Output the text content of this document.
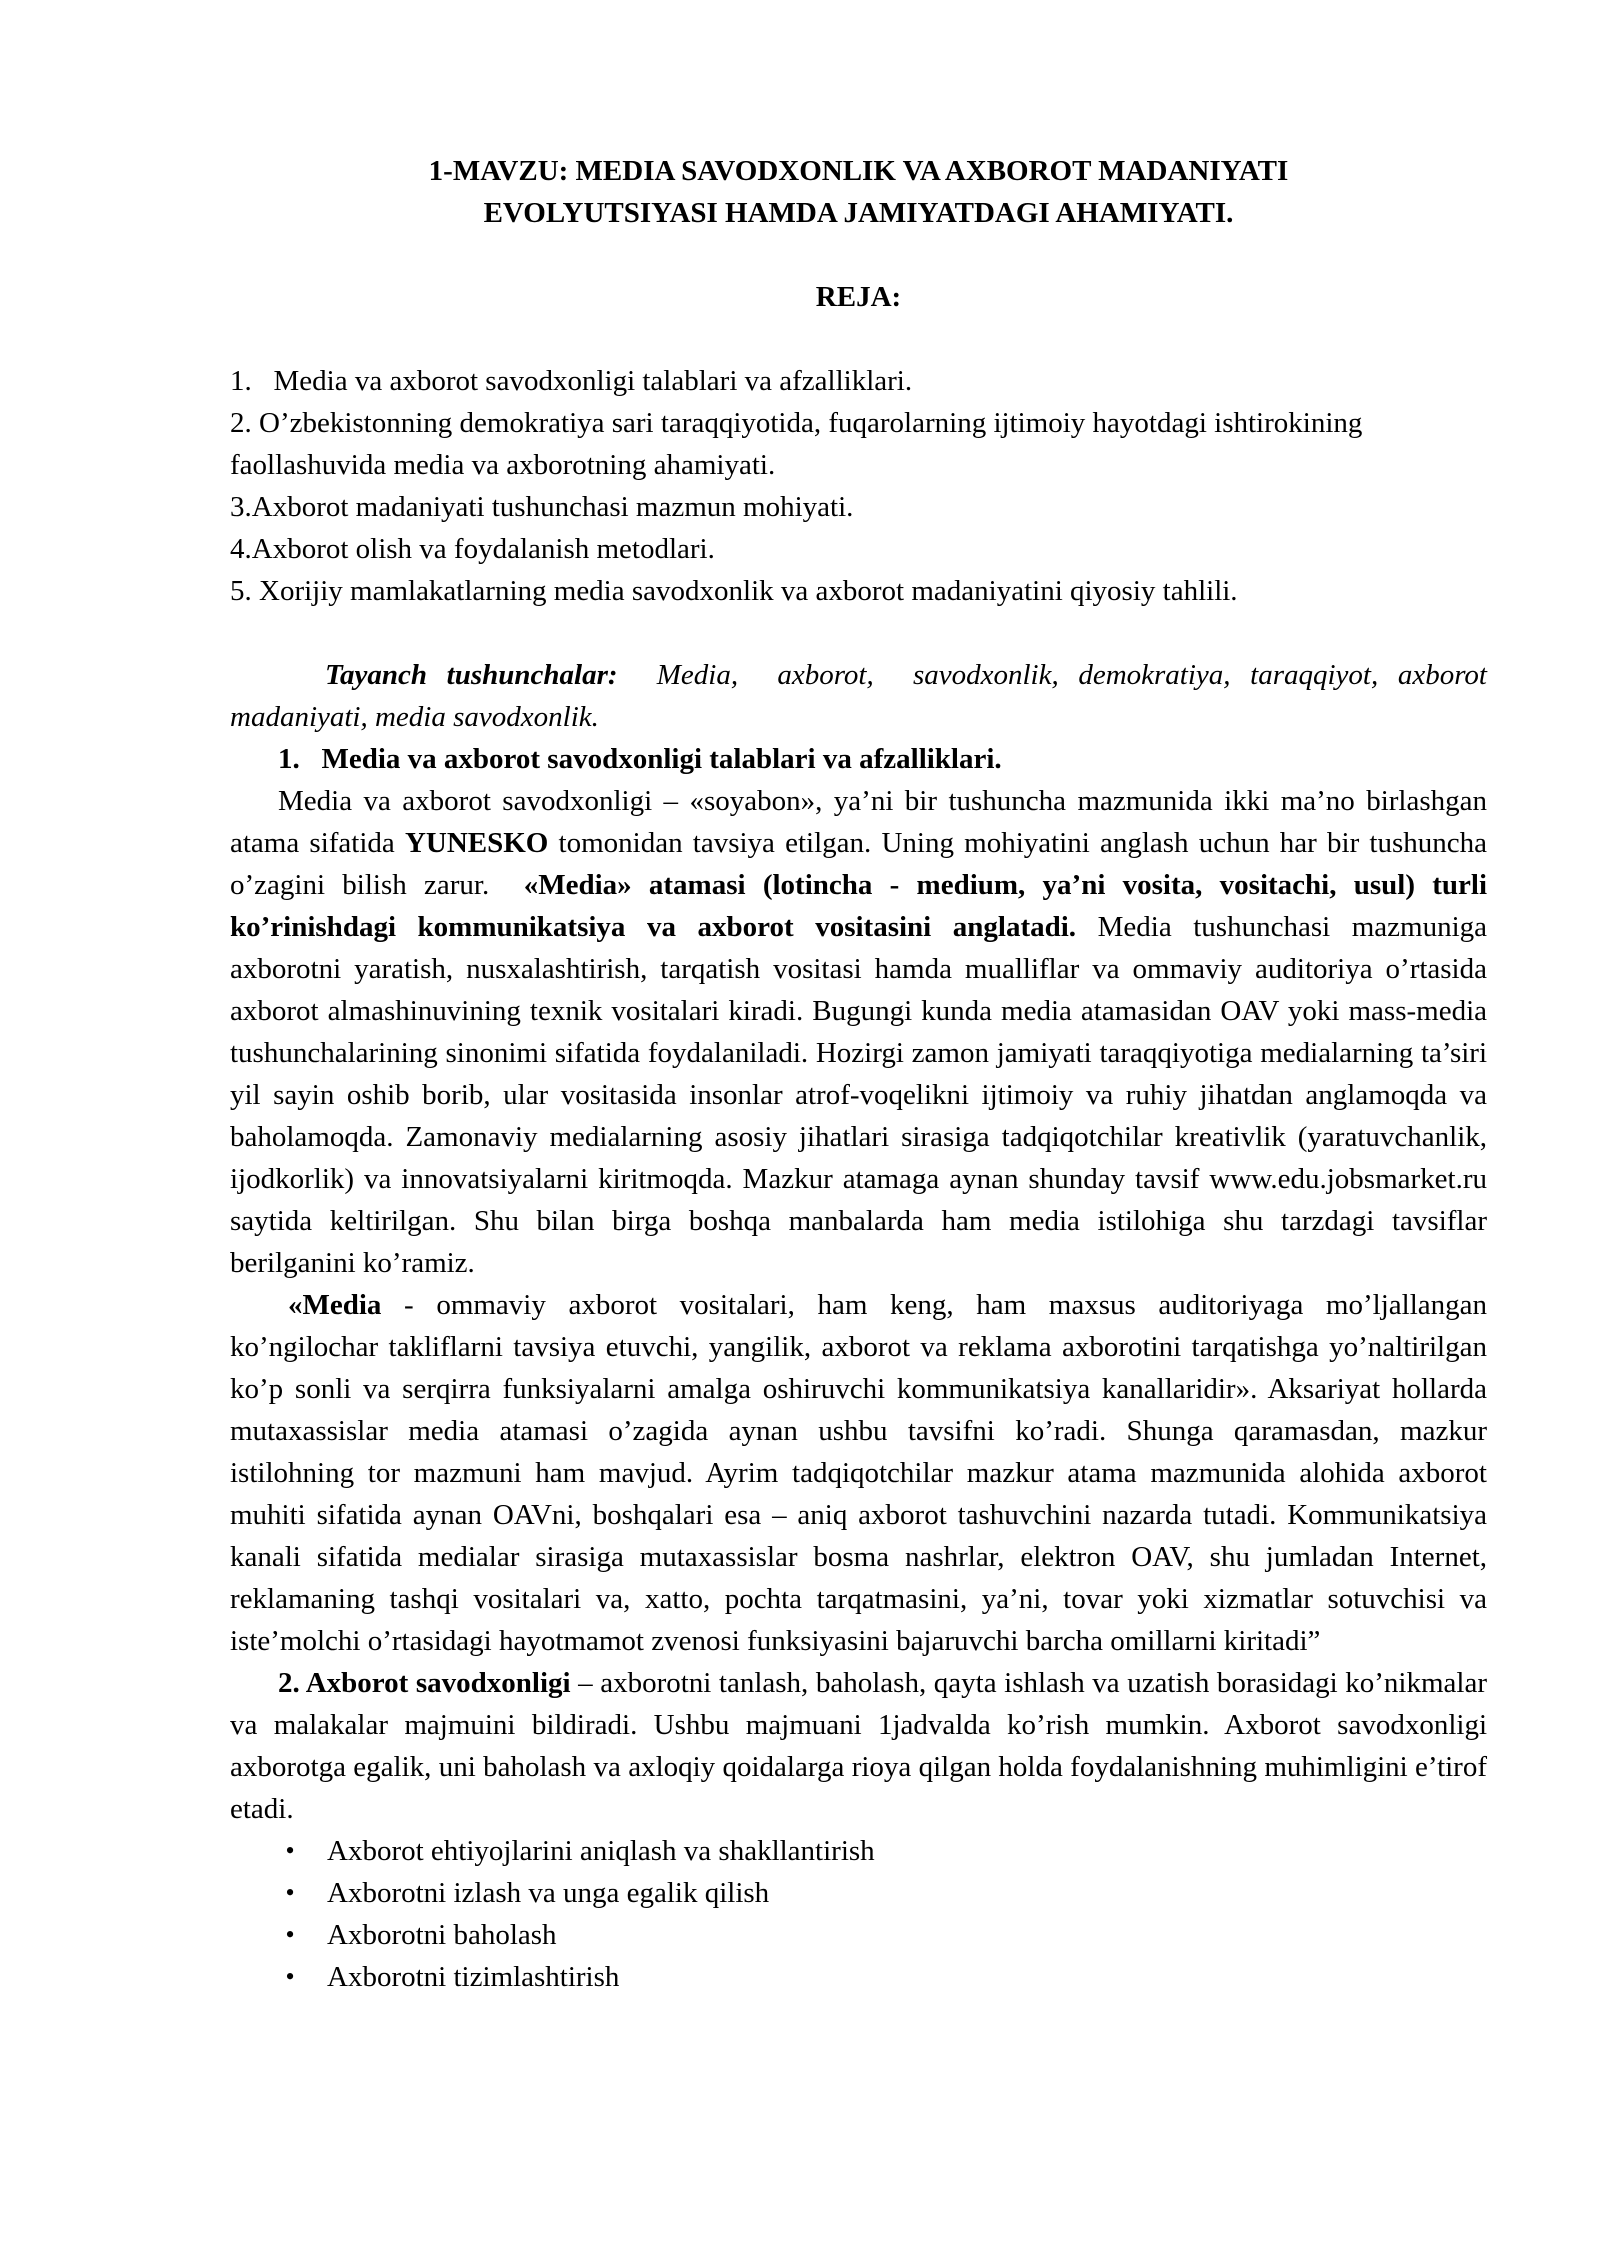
1-MAVZU: MEDIA SAVODXONLIK VA AXBOROT MADANIYATI
EVOLYUTSIYASI HAMDA JAMIYATDAGI AHAMIYATI.

REJA:

1.   Media va axborot savodxonligi talablari va afzalliklari.

2. O’zbekistonning demokratiya sari taraqqiyotida, fuqarolarning ijtimoiy hayotdagi ishtirokining faollashuvida media va axborotning ahamiyati.

3.Axborot madaniyati tushunchasi mazmun mohiyati.

4.Axborot olish va foydalanish metodlari.

5. Xorijiy mamlakatlarning media savodxonlik va axborot madaniyatini qiyosiy tahlili.

Tayanch tushunchalar:  Media,  axborot,  savodxonlik, demokratiya, taraqqiyot, axborot madaniyati, media savodxonlik.

1.   Media va axborot savodxonligi talablari va afzalliklari.

Media va axborot savodxonligi – «soyabon», ya’ni bir tushuncha mazmunida ikki ma’no birlashgan atama sifatida YUNESKO tomonidan tavsiya etilgan. Uning mohiyatini anglash uchun har bir tushuncha o’zagini bilish zarur.  «Media» atamasi (lotincha - medium, ya’ni vosita, vositachi, usul) turli ko’rinishdagi kommunikatsiya va axborot vositasini anglatadi. Media tushunchasi mazmuniga axborotni yaratish, nusxalashtirish, tarqatish vositasi hamda mualliflar va ommaviy auditoriya o’rtasida axborot almashinuvining texnik vositalari kiradi. Bugungi kunda media atamasidan OAV yoki mass-media tushunchalarining sinonimi sifatida foydalaniladi. Hozirgi zamon jamiyati taraqqiyotiga medialarning ta’siri yil sayin oshib borib, ular vositasida insonlar atrof-voqelikni ijtimoiy va ruhiy jihatdan anglamoqda va baholamoqda. Zamonaviy medialarning asosiy jihatlari sirasiga tadqiqotchilar kreativlik (yaratuvchanlik, ijodkorlik) va innovatsiyalarni kiritmoqda. Mazkur atamaga aynan shunday tavsif www.edu.jobsmarket.ru saytida keltirilgan. Shu bilan birga boshqa manbalarda ham media istilohiga shu tarzdagi tavsiflar berilganini ko’ramiz.

«Media - ommaviy axborot vositalari, ham keng, ham maxsus auditoriyaga mo’ljallangan ko’ngilochar takliflarni tavsiya etuvchi, yangilik, axborot va reklama axborotini tarqatishga yo’naltirilgan ko’p sonli va serqirra funksiyalarni amalga oshiruvchi kommunikatsiya kanallaridir». Aksariyat hollarda mutaxassislar media atamasi o’zagida aynan ushbu tavsifni ko’radi. Shunga qaramasdan, mazkur istilohning tor mazmuni ham mavjud. Ayrim tadqiqotchilar mazkur atama mazmunida alohida axborot muhiti sifatida aynan OAVni, boshqalari esa – aniq axborot tashuvchini nazarda tutadi. Kommunikatsiya kanali sifatida medialar sirasiga mutaxassislar bosma nashrlar, elektron OAV, shu jumladan Internet, reklamaning tashqi vositalari va, xatto, pochta tarqatmasini, ya’ni, tovar yoki xizmatlar sotuvchisi va iste’molchi o’rtasidagi hayotmamot zvenosi funksiyasini bajaruvchi barcha omillarni kiritadi”

2. Axborot savodxonligi – axborotni tanlash, baholash, qayta ishlash va uzatish borasidagi ko’nikmalar va malakalar majmuini bildiradi. Ushbu majmuani 1jadvalda ko’rish mumkin. Axborot savodxonligi axborotga egalik, uni baholash va axloqiy qoidalarga rioya qilgan holda foydalanishning muhimligini e’tirof etadi.

•	Axborot ehtiyojlarini aniqlash va shakllantirish
•	Axborotni izlash va unga egalik qilish
•	Axborotni baholash
•	Axborotni tizimlashtirish
